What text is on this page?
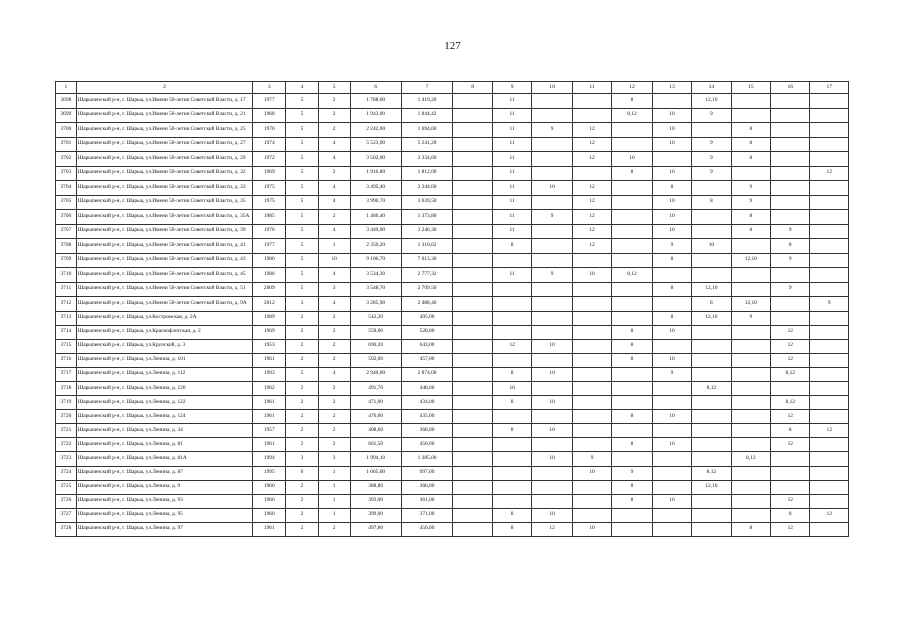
127
1	2	3	4	5	6	7	8	9	10	11	12	13	14	15	16	17
3698	Шарыпенский р-н, г. Шарыа, ул.Имени 50-летия Советской Власти, д. 17	1977	5	2	1 788,00	1 419,20		11			8		12,10			
3699	Шарыпенский р-н, г. Шарыа, ул.Имени 50-летия Советской Власти, д. 21	1968	5	2	1 943,00	1 844,42		11			8,12	10	9			
3700	Шарыпенский р-н, г. Шарыа, ул.Имени 50-летия Советской Власти, д. 25	1976	5	2	2 242,00	1 694,60		11	9	12		10		8		
3701	Шарыпенский р-н, г. Шарыа, ул.Имени 50-летия Советской Власти, д. 27	1974	5	4	5 523,00	5 241,20		11		12		10	9	8		
3702	Шарыпенский р-н, г. Шарыа, ул.Имени 50-летия Советской Власти, д. 29	1972	5	4	3 502,00	3 334,60		11		12	10		9	8		
3703	Шарыпенский р-н, г. Шарыа, ул.Имени 50-летия Советской Власти, д. 32	1969	5	2	1 910,80	1 812,00		11			8	10	9			12
3704	Шарыпенский р-н, г. Шарыа, ул.Имени 50-летия Советской Власти, д. 33	1975	5	4	3 495,40	3 344,00		11	10	12		8		9		
3705	Шарыпенский р-н, г. Шарыа, ул.Имени 50-летия Советской Власти, д. 35	1975	5	4	3 990,70	3 039,50		11		12		10	8	9		
3706	Шарыпенский р-н, г. Шарыа, ул.Имени 50-летия Советской Власти, д. 35А	1985	5	2	1 466,40	1 373,80		11	9	12		10		8		
3707	Шарыпенский р-н, г. Шарыа, ул.Имени 50-летия Советской Власти, д. 39	1976	5	4	3 449,00	3 246,30		11		12		10		8	9	
3708	Шарыпенский р-н, г. Шарыа, ул.Имени 50-летия Советской Власти, д. 41	1977	5	1	2 350,20	1 310,62		8		12		9	10		8	
3709	Шарыпенский р-н, г. Шарыа, ул.Имени 50-летия Советской Власти, д. 43	1980	5	10	9 106,70	7 013,30						8		12,10	9	
3710	Шарыпенский р-н, г. Шарыа, ул.Имени 50-летия Советской Власти, д. 45	1986	5	4	3 534,30	2 777,32		11	9	10	8,12					
3711	Шарыпенский р-н, г. Шарыа, ул.Имени 50-летия Советской Власти, д. 51	2009	5	3	3 548,70	2 709,50						8	12,10		9	
3712	Шарыпенский р-н, г. Шарыа, ул.Имени 50-летия Советской Власти, д. 9А	2012	3	4	3 285,90	2 488,40							8	12,10		9
3713	Шарыпенский р-н, г. Шарыа, ул.Костромская, д. 2А	1989	2	2	542,20	495,00						8	12,10	9		
3714	Шарыпенский р-н, г. Шарыа, ул.Краснофлотская, д. 2	1969	2	2	559,00	528,00					8	10			12	
3715	Шарыпенский р-н, г. Шарыа, ул.Крупской, д. 3	1953	2	2	690,20	643,00		12	10		8				12	
3716	Шарыпенский р-н, г. Шарыа, ул.Ленина, д. 101	1961	2	2	502,00	457,00					8	10			12	
3717	Шарыпенский р-н, г. Шарыа, ул.Ленина, д. 112	1993	5	4	2 940,00	2 874,00		8	10			9			8,12	
3718	Шарыпенский р-н, г. Шарыа, ул.Ленина, д. 120	1962	2	2	491,70	448,00		10					8,12			
3719	Шарыпенский р-н, г. Шарыа, ул.Ленина, д. 122	1961	2	2	471,00	434,00		8	10						8,12	
3720	Шарыпенский р-н, г. Шарыа, ул.Ленина, д. 124	1961	2	2	476,00	435,00					8	10			12	
3721	Шарыпенский р-н, г. Шарыа, ул.Ленина, д. 34	1957	2	2	408,60	368,00		8	10						8	12
3722	Шарыпенский р-н, г. Шарыа, ул.Ленина, д. 81	1961	2	2	661,50	456,00					8	10			12	
3723	Шарыпенский р-н, г. Шарыа, ул.Ленина, д. 81А	1994	3	3	1 994,10	1 385,00			10	9				8,12		
3724	Шарыпенский р-н, г. Шарыа, ул.Ленина, д. 87	1995	6	1	1 065,00	997,00				10	9		8,12			
3725	Шарыпенский р-н, г. Шарыа, ул.Ленина, д. 9	1960	2	1	388,80	366,00					8		12,10			
3726	Шарыпенский р-н, г. Шарыа, ул.Ленина, д. 93	1960	2	1	393,00	361,00					8	10			12	
3727	Шарыпенский р-н, г. Шарыа, ул.Ленина, д. 95	1960	2	1	399,00	371,00		8	10						8	12
3728	Шарыпенский р-н, г. Шарыа, ул.Ленина, д. 97	1961	2	2	497,80	456,00		8	12	10				8	12	
